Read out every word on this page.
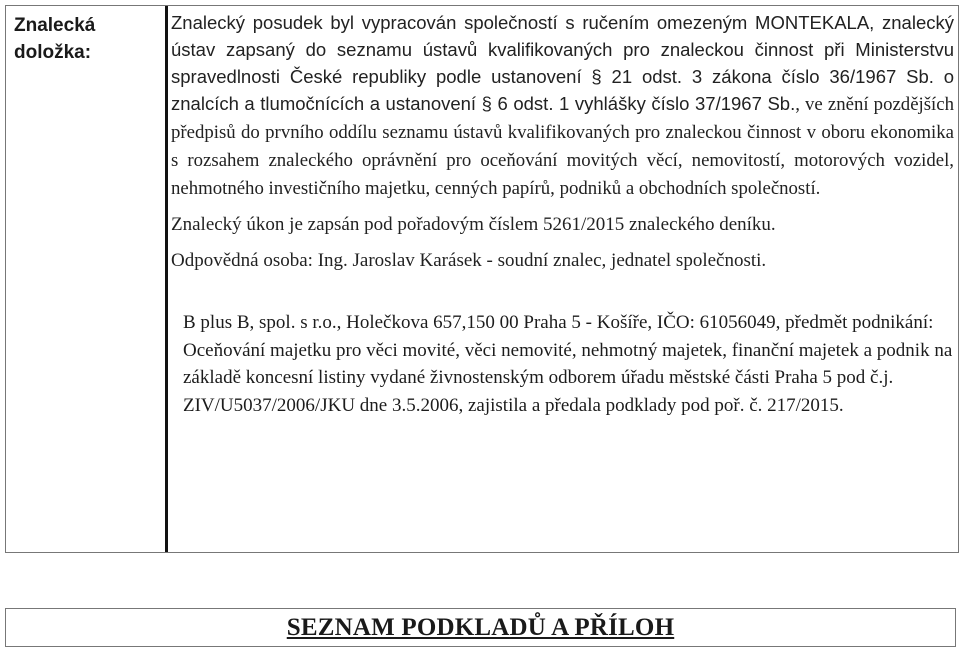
Znalecká doložka:

Znalecký posudek byl vypracován společností s ručením omezeným MONTEKALA, znalecký ústav zapsaný do seznamu ústavů kvalifikovaných pro znaleckou činnost při Ministerstvu spravedlnosti České republiky podle ustanovení § 21 odst. 3 zákona číslo 36/1967 Sb. o znalcích a tlumočnících a ustanovení § 6 odst. 1 vyhlášky číslo 37/1967 Sb., ve znění pozdějších předpisů do prvního oddílu seznamu ústavů kvalifikovaných pro znaleckou činnost v oboru ekonomika s rozsahem znaleckého oprávnění pro oceňování movitých věcí, nemovitostí, motorových vozidel, nehmotného investičního majetku, cenných papírů, podniků a obchodních společností.

Znalecký úkon je zapsán pod pořadovým číslem 5261/2015 znaleckého deníku.

Odpovědná osoba: Ing. Jaroslav Karásek - soudní znalec, jednatel společnosti.

B plus B, spol. s r.o., Holečkova 657,150 00 Praha 5 - Košíře, IČO: 61056049, předmět podnikání: Oceňování majetku pro věci movité, věci nemovité, nehmotný majetek, finanční majetek a podnik na základě koncesní listiny vydané živnostenským odborem úřadu městské části Praha 5 pod č.j. ZIV/U5037/2006/JKU dne 3.5.2006, zajistila a předala podklady pod poř. č. 217/2015.

SEZNAM PODKLADŮ A PŘÍLOH
